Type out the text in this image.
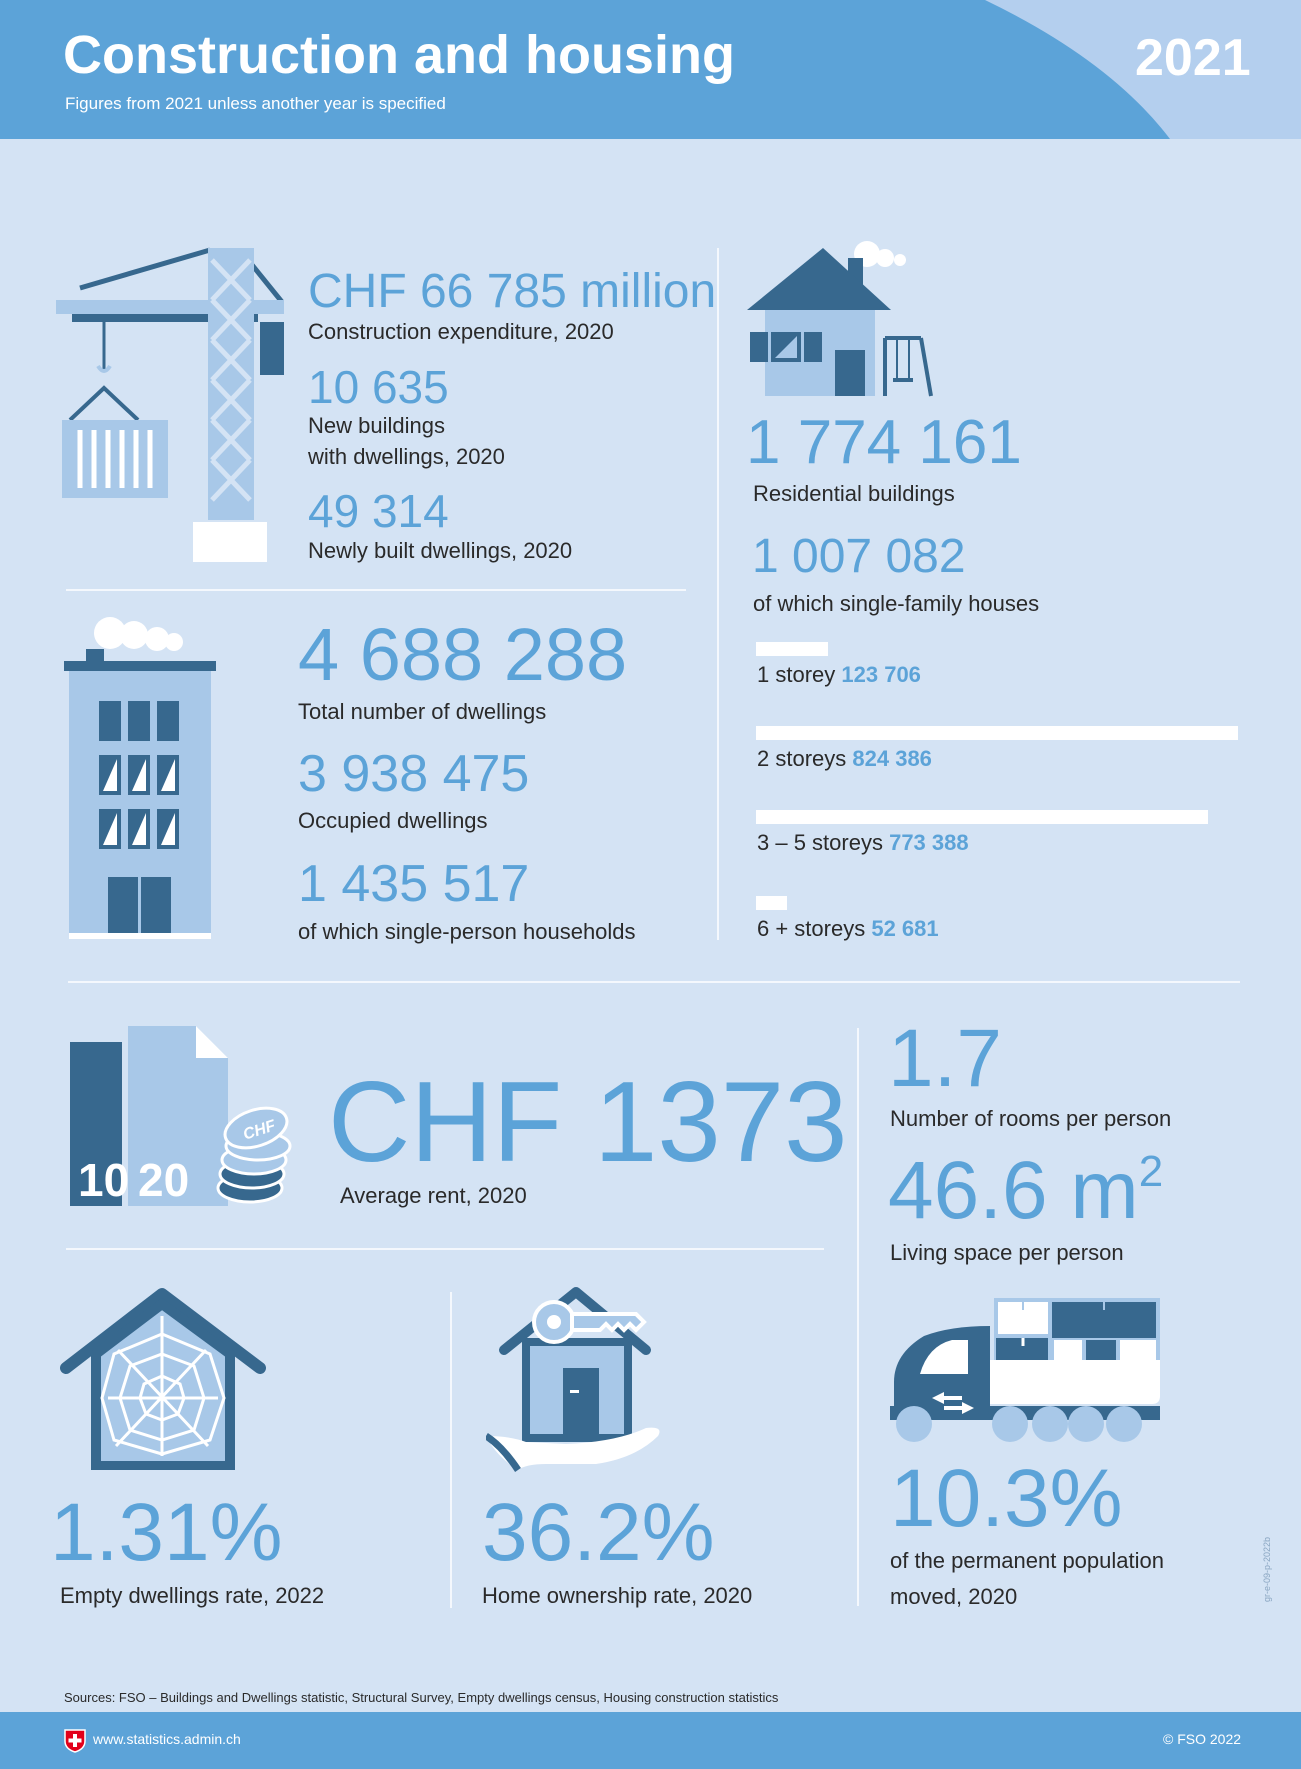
Construction and housing
Figures from 2021 unless another year is specified
2021
CHF 66 785 million
Construction expenditure, 2020
10 635
New buildings
with dwellings, 2020
49 314
Newly built dwellings, 2020
1 774 161
Residential buildings
1 007 082
of which single-family houses
1 storey 123 706
2 storeys 824 386
3 – 5 storeys 773 388
6 + storeys 52 681
4 688 288
Total number of dwellings
3 938 475
Occupied dwellings
1 435 517
of which single-person households
10 20
CHF CHF 1373
Average rent, 2020
1.7
Number of rooms per person
46.6 $m^2$
Living space per person
1.31%
Empty dwellings rate, 2022
36.2%
Home ownership rate, 2020
10.3%
of the permanent population
moved, 2020	gr-e-09-p-2022b
Sources: FSO – Buildings and Dwellings statistic, Structural Survey, Empty dwellings census, Housing construction statistics
www.statistics.admin.ch	© FSO 2022
